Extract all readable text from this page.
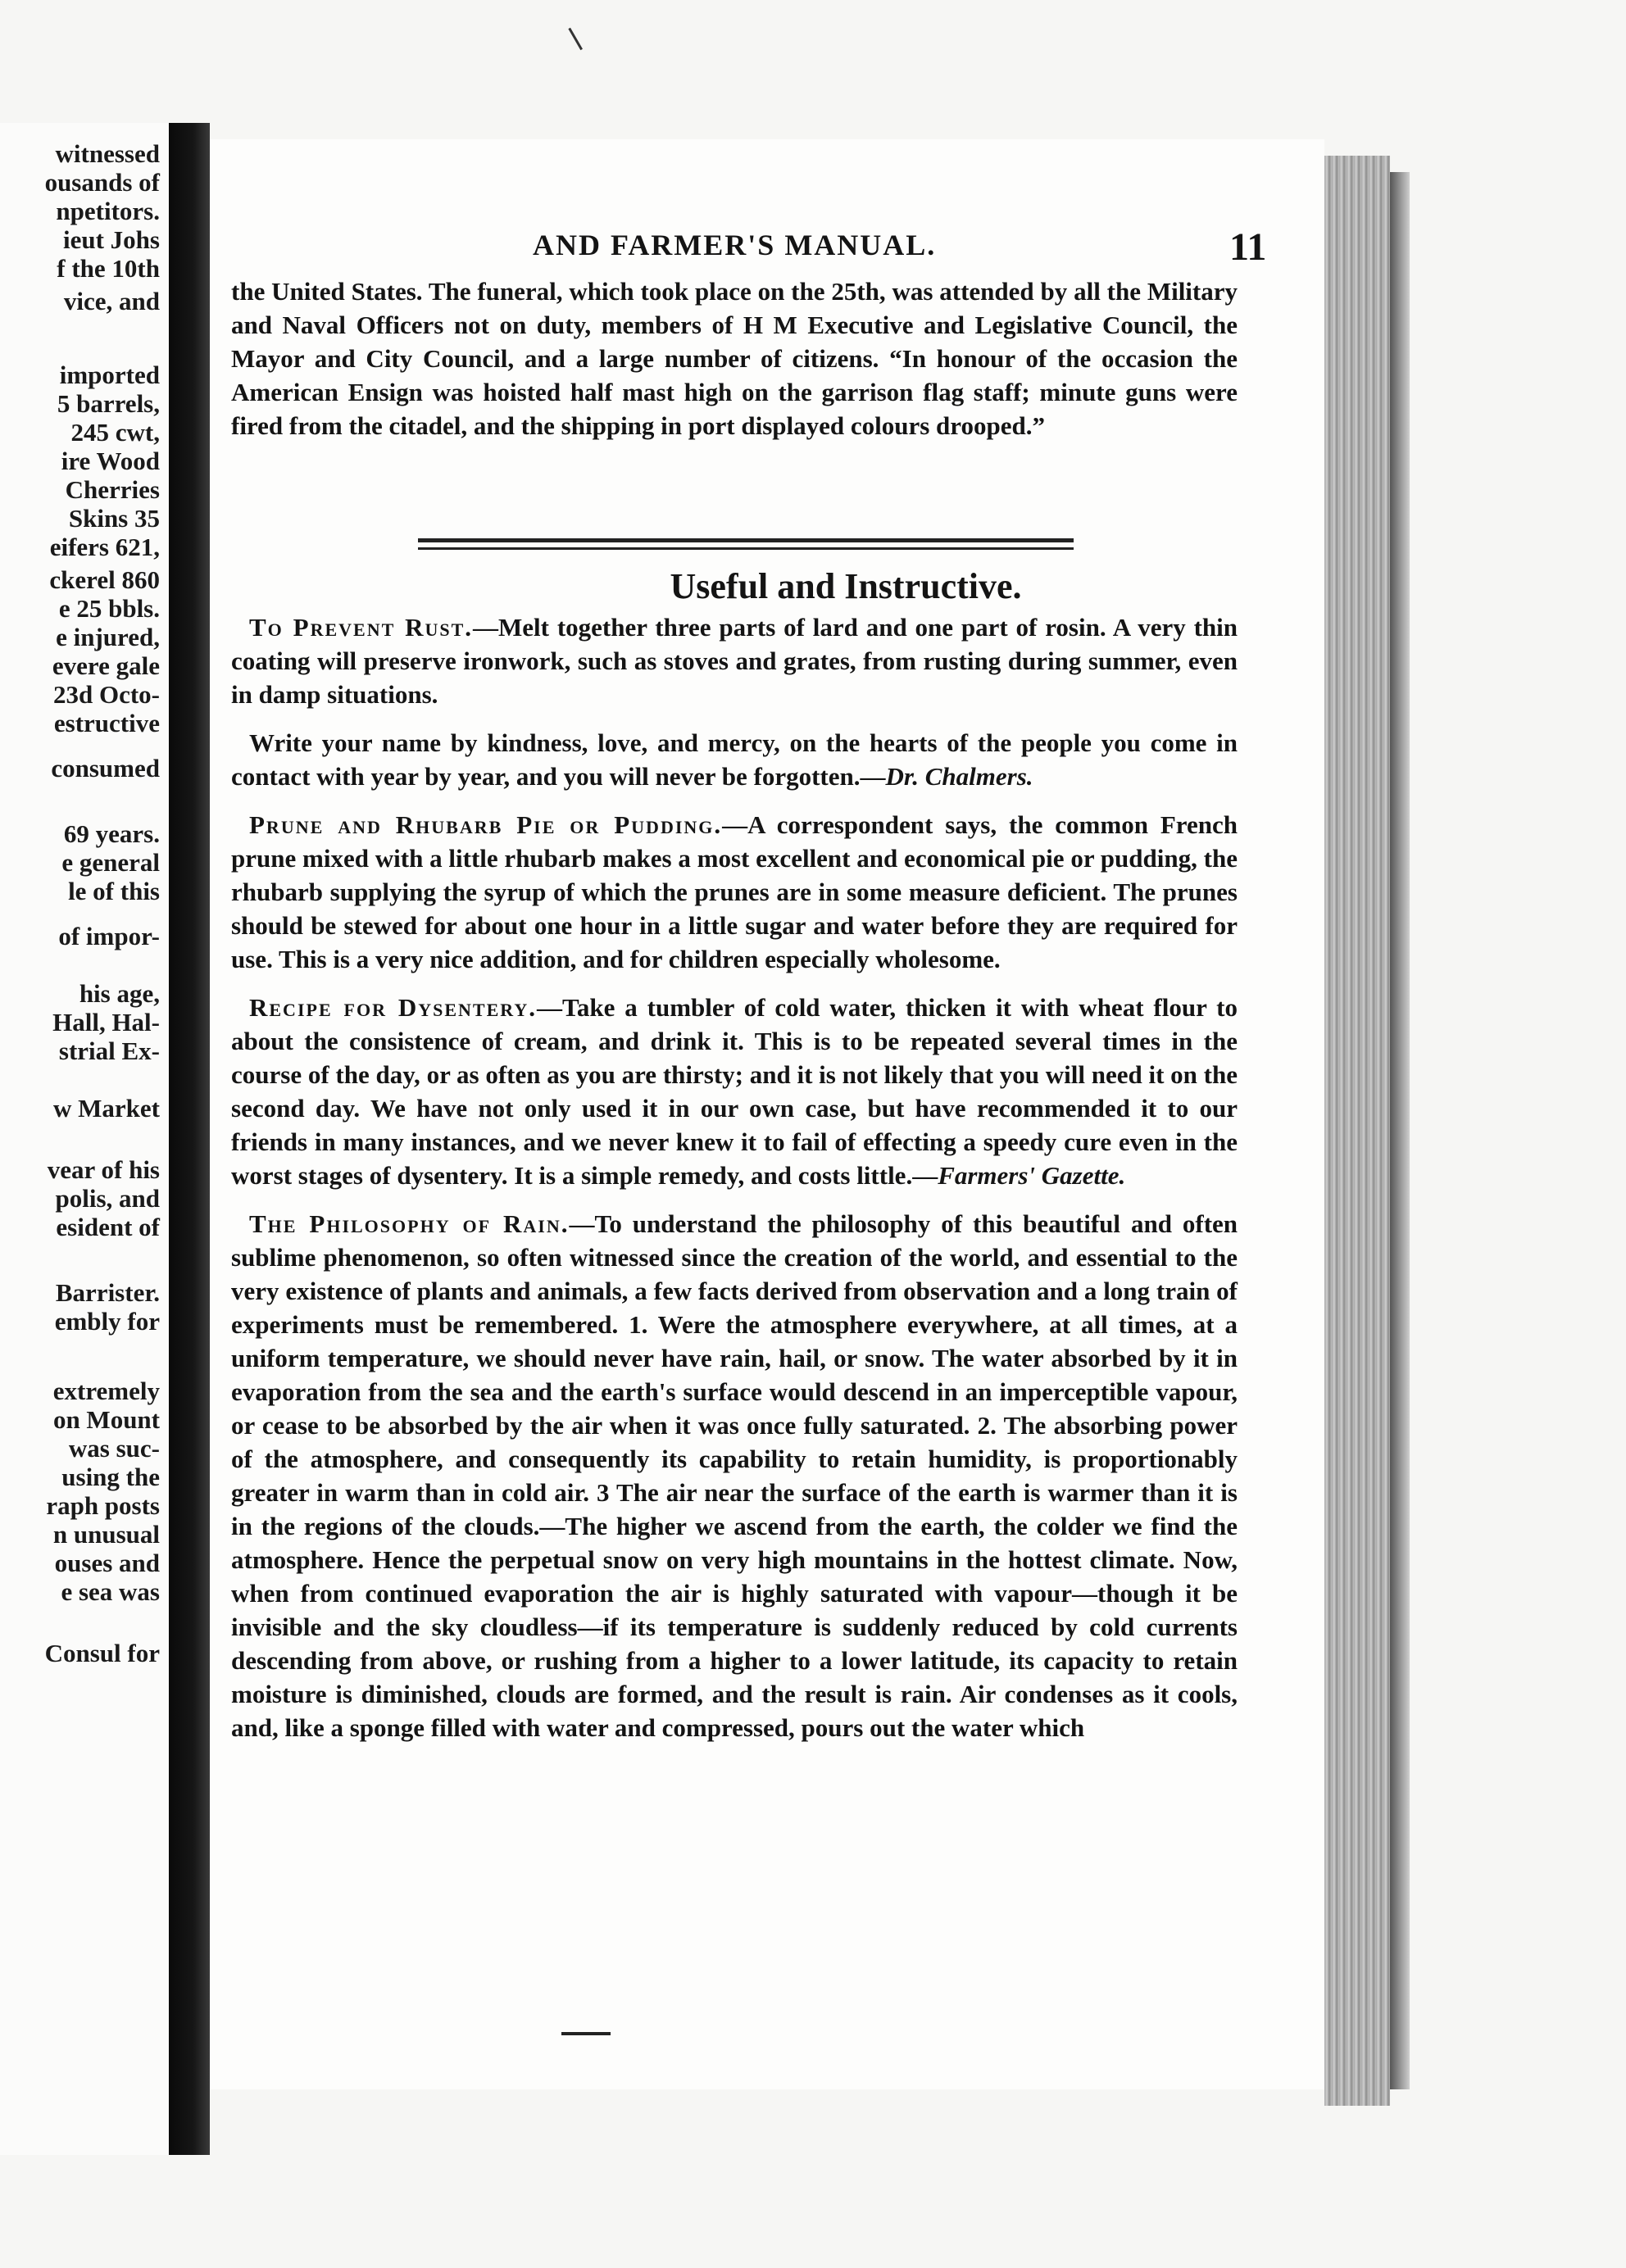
witnessed
ousands of
npetitors.
ieut Johs
f the 10th
vice, and
imported
5 barrels,
245 cwt,
ire Wood
Cherries
Skins 35
eifers 621,
ckerel 860
e 25 bbls.
e injured,
evere gale
23d Octo-
estructive
consumed
69 years.
e general
le of this
of impor-
his age,
Hall, Hal-
strial Ex-
w Market
vear of his
polis, and
esident of
Barrister.
embly for
extremely
on Mount
was suc-
using the
raph posts
n unusual
ouses and
e sea was
Consul for
AND FARMER'S MANUAL.	11

the United States. The funeral, which took place on the 25th, was attended by all the Military and Naval Officers not on duty, members of H M Executive and Legislative Council, the Mayor and City Council, and a large number of citizens. “In honour of the occasion the American Ensign was hoisted half mast high on the garrison flag staff; minute guns were fired from the citadel, and the shipping in port displayed colours drooped.”

Useful and Instructive.

To Prevent Rust.—Melt together three parts of lard and one part of rosin. A very thin coating will preserve ironwork, such as stoves and grates, from rusting during summer, even in damp situations.

Write your name by kindness, love, and mercy, on the hearts of the people you come in contact with year by year, and you will never be forgotten.—Dr. Chalmers.

Prune and Rhubarb Pie or Pudding.—A correspondent says, the common French prune mixed with a little rhubarb makes a most excellent and economical pie or pudding, the rhubarb supplying the syrup of which the prunes are in some measure deficient. The prunes should be stewed for about one hour in a little sugar and water before they are required for use. This is a very nice addition, and for children especially wholesome.

Recipe for Dysentery.—Take a tumbler of cold water, thicken it with wheat flour to about the consistence of cream, and drink it. This is to be repeated several times in the course of the day, or as often as you are thirsty; and it is not likely that you will need it on the second day. We have not only used it in our own case, but have recommended it to our friends in many instances, and we never knew it to fail of effecting a speedy cure even in the worst stages of dysentery. It is a simple remedy, and costs little.—Farmers' Gazette.

The Philosophy of Rain.—To understand the philosophy of this beautiful and often sublime phenomenon, so often witnessed since the creation of the world, and essential to the very existence of plants and animals, a few facts derived from observation and a long train of experiments must be remembered. 1. Were the atmosphere everywhere, at all times, at a uniform temperature, we should never have rain, hail, or snow. The water absorbed by it in evaporation from the sea and the earth's surface would descend in an imperceptible vapour, or cease to be absorbed by the air when it was once fully saturated. 2. The absorbing power of the atmosphere, and consequently its capability to retain humidity, is proportionably greater in warm than in cold air. 3 The air near the surface of the earth is warmer than it is in the regions of the clouds.—The higher we ascend from the earth, the colder we find the atmosphere. Hence the perpetual snow on very high mountains in the hottest climate. Now, when from continued evaporation the air is highly saturated with vapour—though it be invisible and the sky cloudless—if its temperature is suddenly reduced by cold currents descending from above, or rushing from a higher to a lower latitude, its capacity to retain moisture is diminished, clouds are formed, and the result is rain. Air condenses as it cools, and, like a sponge filled with water and compressed, pours out the water which
